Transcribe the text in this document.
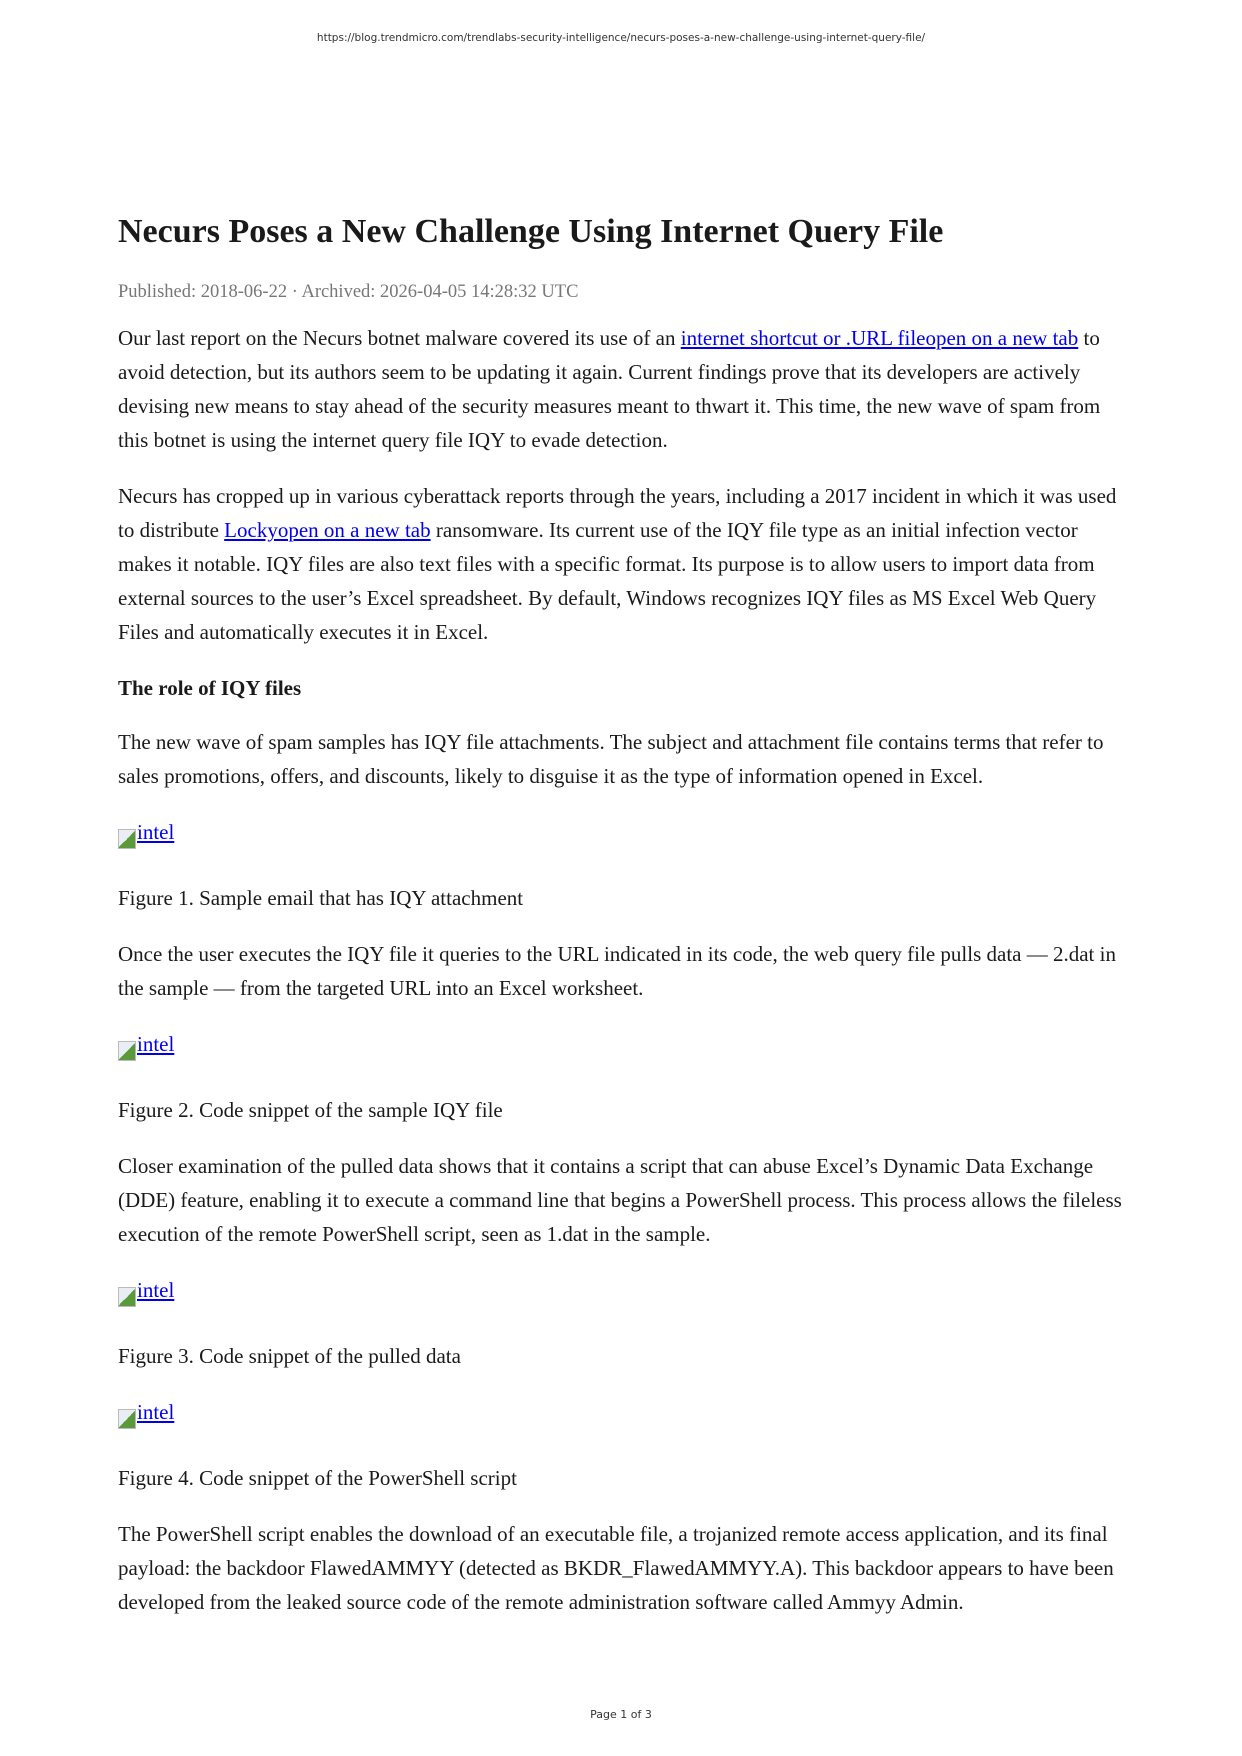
https://blog.trendmicro.com/trendlabs-security-intelligence/necurs-poses-a-new-challenge-using-internet-query-file/
Necurs Poses a New Challenge Using Internet Query File
Published: 2018-06-22 · Archived: 2026-04-05 14:28:32 UTC

Our last report on the Necurs botnet malware covered its use of an internet shortcut or .URL fileopen on a new tab to avoid detection, but its authors seem to be updating it again. Current findings prove that its developers are actively devising new means to stay ahead of the security measures meant to thwart it. This time, the new wave of spam from this botnet is using the internet query file IQY to evade detection.

Necurs has cropped up in various cyberattack reports through the years, including a 2017 incident in which it was used to distribute Lockyopen on a new tab ransomware. Its current use of the IQY file type as an initial infection vector makes it notable. IQY files are also text files with a specific format. Its purpose is to allow users to import data from external sources to the user’s Excel spreadsheet. By default, Windows recognizes IQY files as MS Excel Web Query Files and automatically executes it in Excel.

The role of IQY files

The new wave of spam samples has IQY file attachments. The subject and attachment file contains terms that refer to sales promotions, offers, and discounts, likely to disguise it as the type of information opened in Excel.

intel

Figure 1. Sample email that has IQY attachment

Once the user executes the IQY file it queries to the URL indicated in its code, the web query file pulls data — 2.dat in the sample — from the targeted URL into an Excel worksheet.

intel

Figure 2. Code snippet of the sample IQY file

Closer examination of the pulled data shows that it contains a script that can abuse Excel’s Dynamic Data Exchange (DDE) feature, enabling it to execute a command line that begins a PowerShell process. This process allows the fileless execution of the remote PowerShell script, seen as 1.dat in the sample.

intel

Figure 3. Code snippet of the pulled data

intel

Figure 4. Code snippet of the PowerShell script

The PowerShell script enables the download of an executable file, a trojanized remote access application, and its final payload: the backdoor FlawedAMMYY (detected as BKDR_FlawedAMMYY.A). This backdoor appears to have been developed from the leaked source code of the remote administration software called Ammyy Admin.

Page 1 of 3
